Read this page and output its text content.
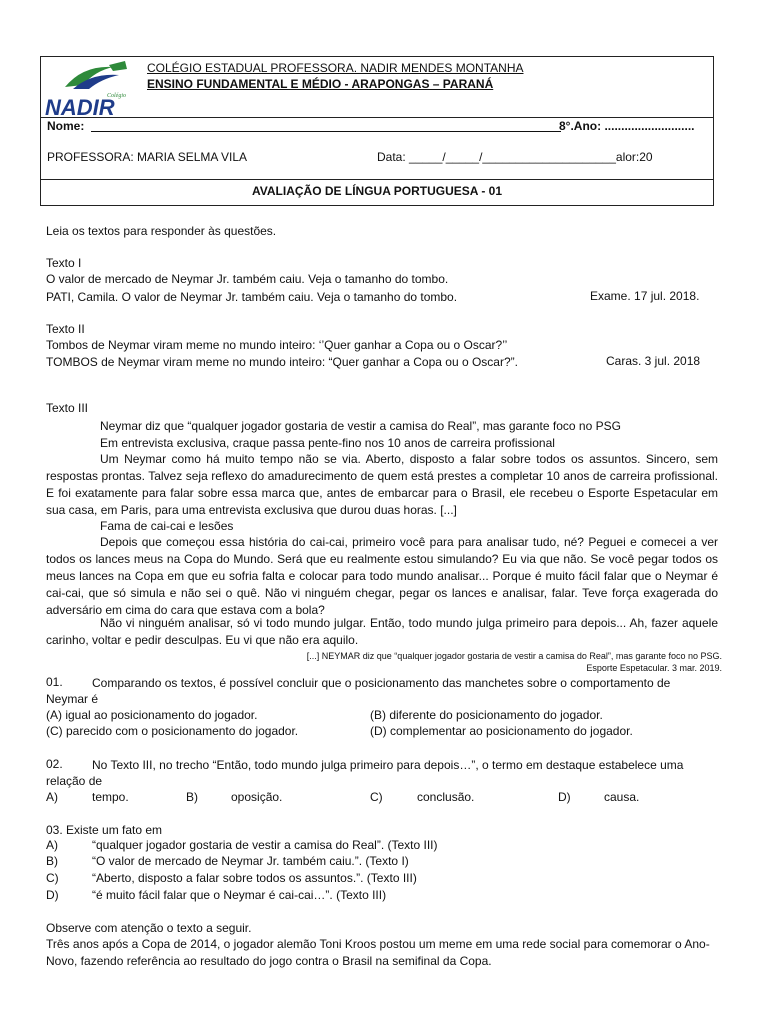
Colégio
NADIR
COLÉGIO ESTADUAL PROFESSORA. NADIR MENDES MONTANHA
ENSINO FUNDAMENTAL E MÉDIO - ARAPONGAS – PARANÁ
Nome:	8°.Ano: ...........................
PROFESSORA: MARIA SELMA VILA	Data: _____/_____/____________________alor:20
AVALIAÇÃO DE LÍNGUA PORTUGUESA - 01
Leia os textos para responder às questões.
Texto I
O valor de mercado de Neymar Jr. também caiu. Veja o tamanho do tombo.
PATI, Camila. O valor de Neymar Jr. também caiu. Veja o tamanho do tombo.	Exame. 17 jul. 2018.
Texto II
Tombos de Neymar viram meme no mundo inteiro: ‘’Quer ganhar a Copa ou o Oscar?’’
TOMBOS de Neymar viram meme no mundo inteiro: “Quer ganhar a Copa ou o Oscar?”.	Caras. 3 jul. 2018
Texto III
Neymar diz que “qualquer jogador gostaria de vestir a camisa do Real”, mas garante foco no PSG
Em entrevista exclusiva, craque passa pente-fino nos 10 anos de carreira profissional
Um Neymar como há muito tempo não se via. Aberto, disposto a falar sobre todos os assuntos. Sincero, sem respostas prontas. Talvez seja reflexo do amadurecimento de quem está prestes a completar 10 anos de carreira profissional. E foi exatamente para falar sobre essa marca que, antes de embarcar para o Brasil, ele recebeu o Esporte Espetacular em sua casa, em Paris, para uma entrevista exclusiva que durou duas horas. [...]
Fama de cai-cai e lesões
Depois que começou essa história do cai-cai, primeiro você para para analisar tudo, né? Peguei e comecei a ver todos os lances meus na Copa do Mundo. Será que eu realmente estou simulando? Eu via que não. Se você pegar todos os meus lances na Copa em que eu sofria falta e colocar para todo mundo analisar... Porque é muito fácil falar que o Neymar é cai-cai, que só simula e não sei o quê. Não vi ninguém chegar, pegar os lances e analisar, falar. Teve força exagerada do adversário em cima do cara que estava com a bola?
Não vi ninguém analisar, só vi todo mundo julgar. Então, todo mundo julga primeiro para depois... Ah, fazer aquele carinho, voltar e pedir desculpas. Eu vi que não era aquilo.
[...] NEYMAR diz que “qualquer jogador gostaria de vestir a camisa do Real”, mas garante foco no PSG.
Esporte Espetacular. 3 mar. 2019.
01.	Comparando os textos, é possível concluir que o posicionamento das manchetes sobre o comportamento de Neymar é
(A) igual ao posicionamento do jogador.	(B) diferente do posicionamento do jogador.
(C) parecido com o posicionamento do jogador.	(D) complementar ao posicionamento do jogador.
02.	No Texto III, no trecho “Então, todo mundo julga primeiro para depois…”, o termo em destaque estabelece uma relação de
A)	tempo.	B)	oposição.	C)	conclusão.	D)	causa.
03. Existe um fato em
A)	“qualquer jogador gostaria de vestir a camisa do Real”. (Texto III)
B)	“O valor de mercado de Neymar Jr. também caiu.”. (Texto I)
C)	“Aberto, disposto a falar sobre todos os assuntos.”. (Texto III)
D)	“é muito fácil falar que o Neymar é cai-cai…”. (Texto III)
Observe com atenção o texto a seguir.
Três anos após a Copa de 2014, o jogador alemão Toni Kroos postou um meme em uma rede social para comemorar o Ano-Novo, fazendo referência ao resultado do jogo contra o Brasil na semifinal da Copa.
